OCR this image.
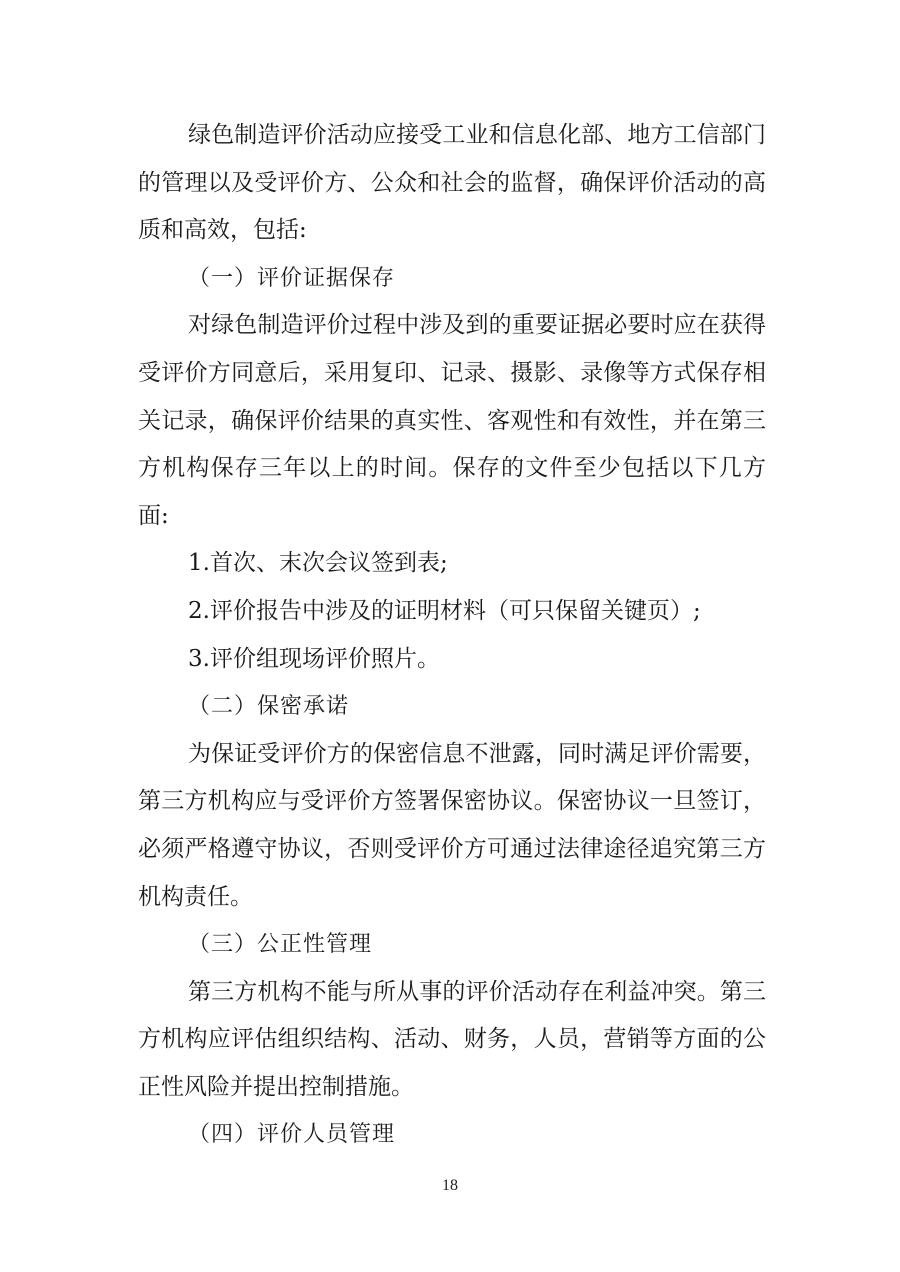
绿色制造评价活动应接受工业和信息化部、地方工信部门的管理以及受评价方、公众和社会的监督，确保评价活动的高质和高效，包括:

（一）评价证据保存

对绿色制造评价过程中涉及到的重要证据必要时应在获得受评价方同意后，采用复印、记录、摄影、录像等方式保存相关记录，确保评价结果的真实性、客观性和有效性，并在第三方机构保存三年以上的时间。保存的文件至少包括以下几方面:

1.首次、末次会议签到表;

2.评价报告中涉及的证明材料（可只保留关键页）;

3.评价组现场评价照片。

（二）保密承诺

为保证受评价方的保密信息不泄露，同时满足评价需要，第三方机构应与受评价方签署保密协议。保密协议一旦签订，必须严格遵守协议，否则受评价方可通过法律途径追究第三方机构责任。

（三）公正性管理

第三方机构不能与所从事的评价活动存在利益冲突。第三方机构应评估组织结构、活动、财务，人员，营销等方面的公正性风险并提出控制措施。

（四）评价人员管理

18
